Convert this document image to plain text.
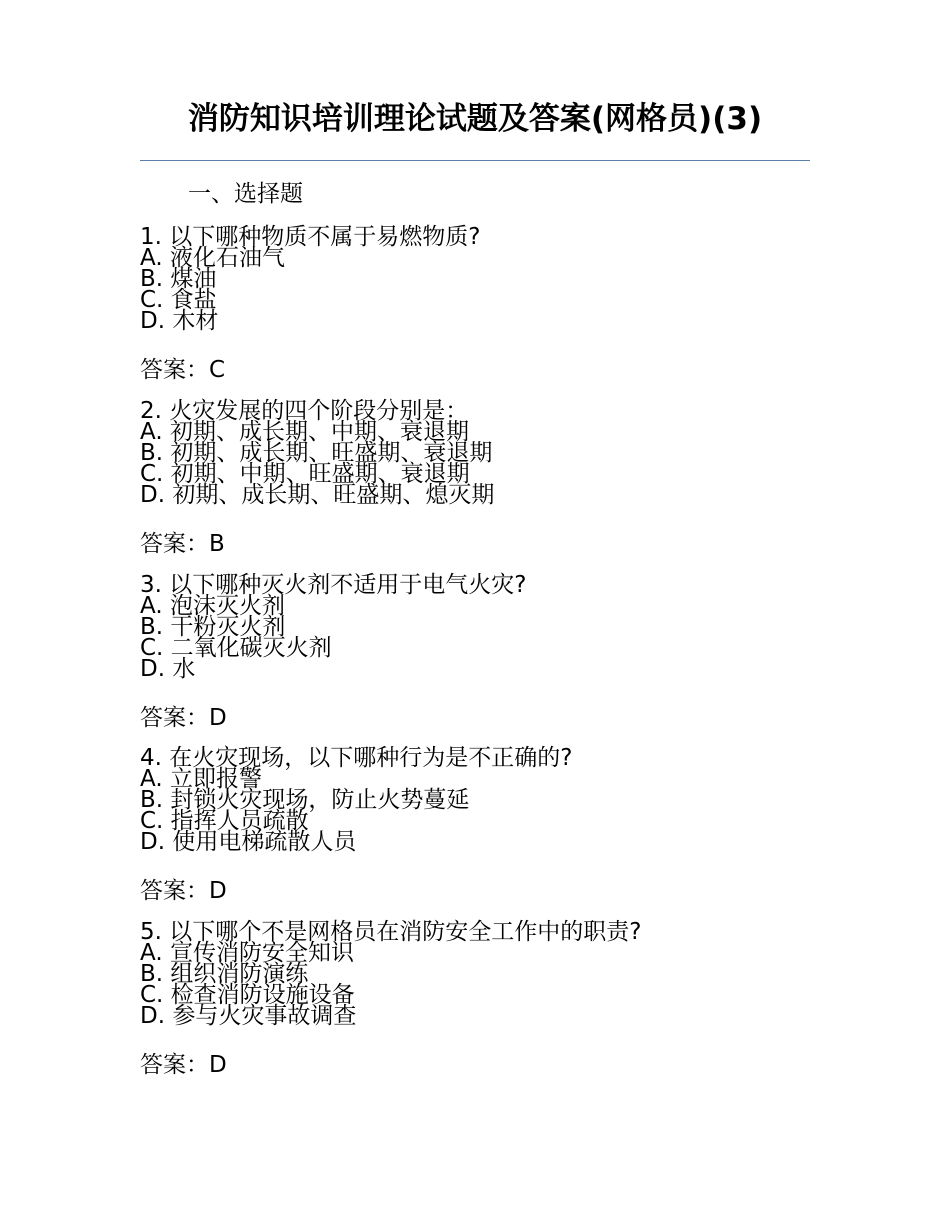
消防知识培训理论试题及答案(网格员)(3)
一、选择题
1. 以下哪种物质不属于易燃物质?
A. 液化石油气
B. 煤油
C. 食盐
D. 木材
答案：C
2. 火灾发展的四个阶段分别是：
A. 初期、成长期、中期、衰退期
B. 初期、成长期、旺盛期、衰退期
C. 初期、中期、旺盛期、衰退期
D. 初期、成长期、旺盛期、熄灭期
答案：B
3. 以下哪种灭火剂不适用于电气火灾?
A. 泡沫灭火剂
B. 干粉灭火剂
C. 二氧化碳灭火剂
D. 水
答案：D
4. 在火灾现场，以下哪种行为是不正确的?
A. 立即报警
B. 封锁火灾现场，防止火势蔓延
C. 指挥人员疏散
D. 使用电梯疏散人员
答案：D
5. 以下哪个不是网格员在消防安全工作中的职责?
A. 宣传消防安全知识
B. 组织消防演练
C. 检查消防设施设备
D. 参与火灾事故调查
答案：D
